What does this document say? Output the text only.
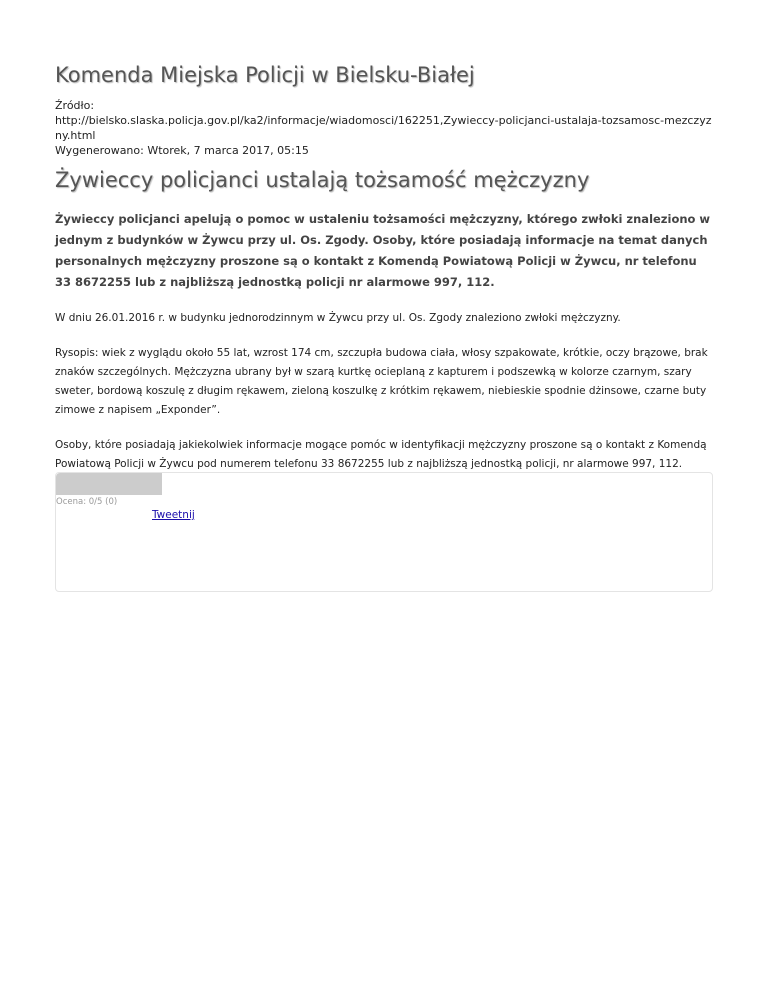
Komenda Miejska Policji w Bielsku-Białej
Źródło:
http://bielsko.slaska.policja.gov.pl/ka2/informacje/wiadomosci/162251,Zywieccy-policjanci-ustalaja-tozsamosc-mezczyzny.html
Wygenerowano: Wtorek, 7 marca 2017, 05:15
Żywieccy policjanci ustalają tożsamość mężczyzny

Żywieccy policjanci apelują o pomoc w ustaleniu tożsamości mężczyzny, którego zwłoki znaleziono w jednym z budynków w Żywcu przy ul. Os. Zgody. Osoby, które posiadają informacje na temat danych personalnych mężczyzny proszone są o kontakt z Komendą Powiatową Policji w Żywcu, nr telefonu 33 8672255 lub z najbliższą jednostką policji nr alarmowe 997, 112.

W dniu 26.01.2016 r. w budynku jednorodzinnym w Żywcu przy ul. Os. Zgody znaleziono zwłoki mężczyzny.

Rysopis: wiek z wyglądu około 55 lat, wzrost 174 cm, szczupła budowa ciała, włosy szpakowate, krótkie, oczy brązowe, brak znaków szczególnych. Mężczyzna ubrany był w szarą kurtkę ocieplaną z kapturem i podszewką w kolorze czarnym, szary sweter, bordową koszulę z długim rękawem, zieloną koszulkę z krótkim rękawem, niebieskie spodnie dżinsowe, czarne buty zimowe z napisem „Exponder”.

Osoby, które posiadają jakiekolwiek informacje mogące pomóc w identyfikacji mężczyzny proszone są o kontakt z Komendą Powiatową Policji w Żywcu pod numerem telefonu 33 8672255 lub z najbliższą jednostką policji, nr alarmowe 997, 112.

Ocena: 0/5 (0)
Tweetnij
